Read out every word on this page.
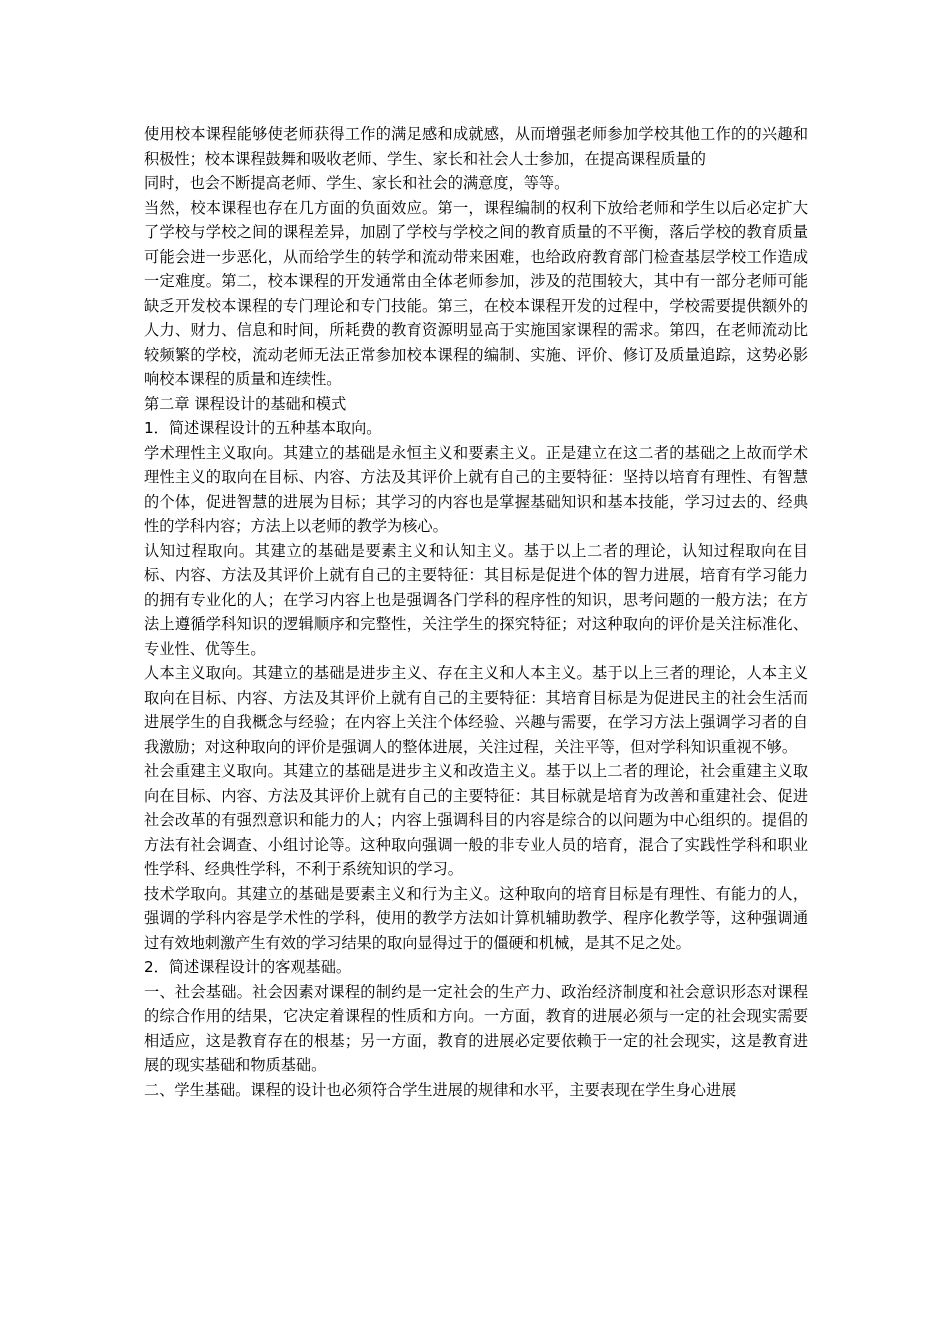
使用校本课程能够使老师获得工作的满足感和成就感，从而增强老师参加学校其他工作的的兴趣和积极性；校本课程鼓舞和吸收老师、学生、家长和社会人士参加，在提高课程质量的

同时，也会不断提高老师、学生、家长和社会的满意度，等等。

当然，校本课程也存在几方面的负面效应。第一，课程编制的权利下放给老师和学生以后必定扩大了学校与学校之间的课程差异，加剧了学校与学校之间的教育质量的不平衡，落后学校的教育质量可能会进一步恶化，从而给学生的转学和流动带来困难，也给政府教育部门检查基层学校工作造成一定难度。第二，校本课程的开发通常由全体老师参加，涉及的范围较大，其中有一部分老师可能缺乏开发校本课程的专门理论和专门技能。第三，在校本课程开发的过程中，学校需要提供额外的人力、财力、信息和时间，所耗费的教育资源明显高于实施国家课程的需求。第四，在老师流动比较频繁的学校，流动老师无法正常参加校本课程的编制、实施、评价、修订及质量追踪，这势必影响校本课程的质量和连续性。

第二章 课程设计的基础和模式

1．简述课程设计的五种基本取向。

学术理性主义取向。其建立的基础是永恒主义和要素主义。正是建立在这二者的基础之上故而学术理性主义的取向在目标、内容、方法及其评价上就有自己的主要特征：坚持以培育有理性、有智慧的个体，促进智慧的进展为目标；其学习的内容也是掌握基础知识和基本技能，学习过去的、经典性的学科内容；方法上以老师的教学为核心。

认知过程取向。其建立的基础是要素主义和认知主义。基于以上二者的理论，认知过程取向在目标、内容、方法及其评价上就有自己的主要特征：其目标是促进个体的智力进展，培育有学习能力的拥有专业化的人；在学习内容上也是强调各门学科的程序性的知识，思考问题的一般方法；在方法上遵循学科知识的逻辑顺序和完整性，关注学生的探究特征；对这种取向的评价是关注标准化、专业性、优等生。

人本主义取向。其建立的基础是进步主义、存在主义和人本主义。基于以上三者的理论，人本主义取向在目标、内容、方法及其评价上就有自己的主要特征：其培育目标是为促进民主的社会生活而进展学生的自我概念与经验；在内容上关注个体经验、兴趣与需要，在学习方法上强调学习者的自我激励；对这种取向的评价是强调人的整体进展，关注过程，关注平等，但对学科知识重视不够。

社会重建主义取向。其建立的基础是进步主义和改造主义。基于以上二者的理论，社会重建主义取向在目标、内容、方法及其评价上就有自己的主要特征：其目标就是培育为改善和重建社会、促进社会改革的有强烈意识和能力的人；内容上强调科目的内容是综合的以问题为中心组织的。提倡的方法有社会调查、小组讨论等。这种取向强调一般的非专业人员的培育，混合了实践性学科和职业性学科、经典性学科，不利于系统知识的学习。

技术学取向。其建立的基础是要素主义和行为主义。这种取向的培育目标是有理性、有能力的人，强调的学科内容是学术性的学科，使用的教学方法如计算机辅助教学、程序化教学等，这种强调通过有效地刺激产生有效的学习结果的取向显得过于的僵硬和机械，是其不足之处。

2．简述课程设计的客观基础。

一、社会基础。社会因素对课程的制约是一定社会的生产力、政治经济制度和社会意识形态对课程的综合作用的结果，它决定着课程的性质和方向。一方面，教育的进展必须与一定的社会现实需要相适应，这是教育存在的根基；另一方面，教育的进展必定要依赖于一定的社会现实，这是教育进展的现实基础和物质基础。

二、学生基础。课程的设计也必须符合学生进展的规律和水平，主要表现在学生身心进展
